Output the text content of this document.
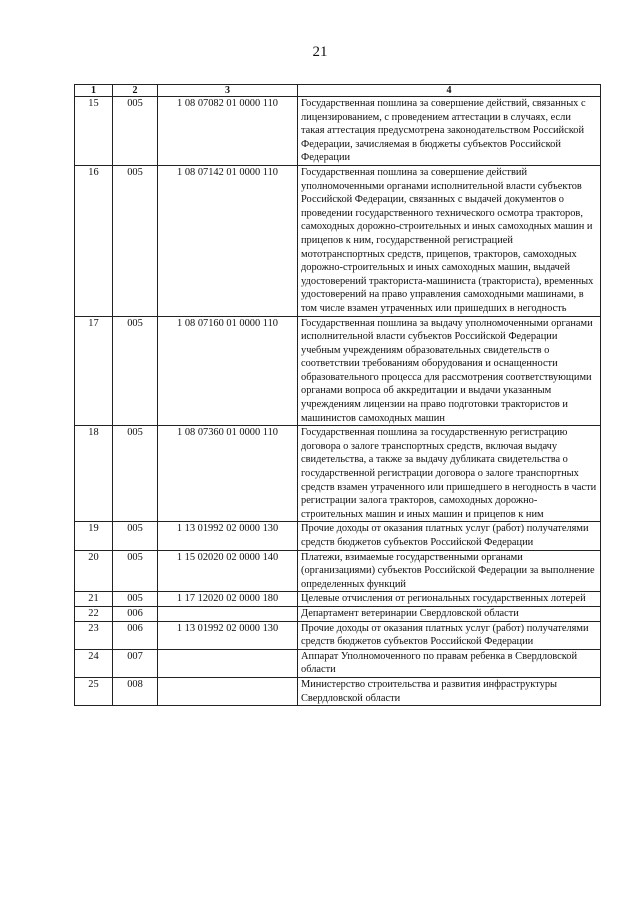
21
1	2	3	4
15	005	1 08 07082 01 0000 110	Государственная пошлина за совершение действий, связанных с лицензированием, с проведением аттестации в случаях, если такая аттестация предусмотрена законодательством Российской Федерации, зачисляемая в бюджеты субъектов Российской Федерации
16	005	1 08 07142 01 0000 110	Государственная пошлина за совершение действий уполномоченными органами исполнительной власти субъектов Российской Федерации, связанных с выдачей документов о проведении государственного технического осмотра тракторов, самоходных дорожно-строительных и иных самоходных машин и прицепов к ним, государственной регистрацией мототранспортных средств, прицепов, тракторов, самоходных дорожно-строительных и иных самоходных машин, выдачей удостоверений тракториста-машиниста (тракториста), временных удостоверений на право управления самоходными машинами, в том числе взамен утраченных или пришедших в негодность
17	005	1 08 07160 01 0000 110	Государственная пошлина за выдачу уполномоченными органами исполнительной власти субъектов Российской Федерации учебным учреждениям образовательных свидетельств о соответствии требованиям оборудования и оснащенности образовательного процесса для рассмотрения соответствующими органами вопроса об аккредитации и выдачи указанным учреждениям лицензии на право подготовки трактористов и машинистов самоходных машин
18	005	1 08 07360 01 0000 110	Государственная пошлина за государственную регистрацию договора о залоге транспортных средств, включая выдачу свидетельства, а также за выдачу дубликата свидетельства о государственной регистрации договора о залоге транспортных средств взамен утраченного или пришедшего в негодность в части регистрации залога тракторов, самоходных дорожно-строительных машин и иных машин и прицепов к ним
19	005	1 13 01992 02 0000 130	Прочие доходы от оказания платных услуг (работ) получателями средств бюджетов субъектов Российской Федерации
20	005	1 15 02020 02 0000 140	Платежи, взимаемые государственными органами (организациями) субъектов Российской Федерации за выполнение определенных функций
21	005	1 17 12020 02 0000 180	Целевые отчисления от региональных государственных лотерей
22	006		Департамент ветеринарии Свердловской области
23	006	1 13 01992 02 0000 130	Прочие доходы от оказания платных услуг (работ) получателями средств бюджетов субъектов Российской Федерации
24	007		Аппарат Уполномоченного по правам ребенка в Свердловской области
25	008		Министерство строительства и развития инфраструктуры Свердловской области
